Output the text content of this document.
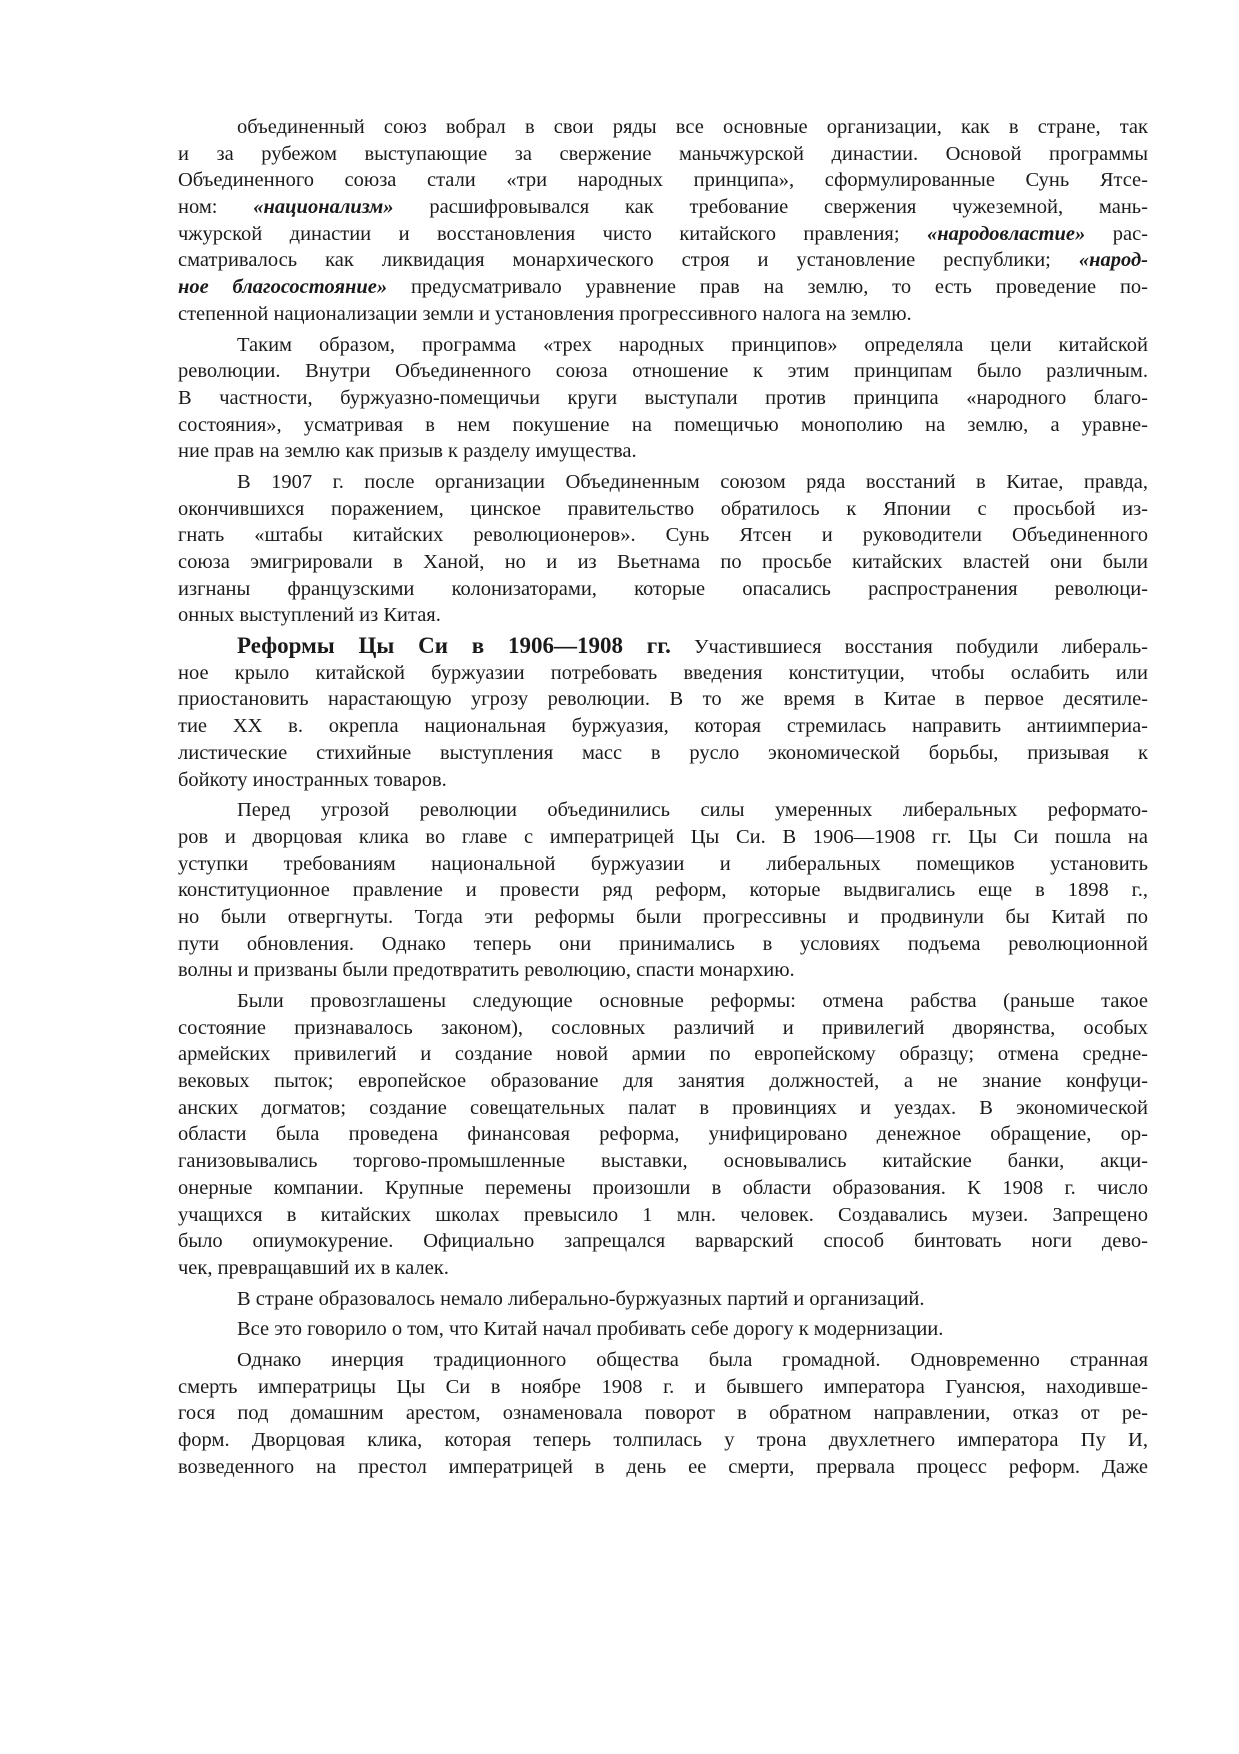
объединенный союз вобрал в свои ряды все основные организации, как в стране, так
и за рубежом выступающие за свержение маньчжурской династии. Основой программы
Объединенного союза стали «три народных принципа», сформулированные Сунь Ятсе-
ном: «национализм» расшифровывался как требование свержения чужеземной, мань-
чжурской династии и восстановления чисто китайского правления; «народовластие» рас-
сматривалось как ликвидация монархического строя и установление республики; «народ-
ное благосостояние» предусматривало уравнение прав на землю, то есть проведение по-
степенной национализации земли и установления прогрессивного налога на землю.
Таким образом, программа «трех народных принципов» определяла цели китайской
революции. Внутри Объединенного союза отношение к этим принципам было различным.
В частности, буржуазно-помещичьи круги выступали против принципа «народного благо-
состояния», усматривая в нем покушение на помещичью монополию на землю, а уравне-
ние прав на землю как призыв к разделу имущества.
В 1907 г. после организации Объединенным союзом ряда восстаний в Китае, правда,
окончившихся поражением, цинское правительство обратилось к Японии с просьбой из-
гнать «штабы китайских революционеров». Сунь Ятсен и руководители Объединенного
союза эмигрировали в Ханой, но и из Вьетнама по просьбе китайских властей они были
изгнаны французскими колонизаторами, которые опасались распространения революци-
онных выступлений из Китая.
Реформы Цы Си в 1906—1908 гг. Участившиеся восстания побудили либераль-
ное крыло китайской буржуазии потребовать введения конституции, чтобы ослабить или
приостановить нарастающую угрозу революции. В то же время в Китае в первое десятиле-
тие XX в. окрепла национальная буржуазия, которая стремилась направить антиимпериа-
листические стихийные выступления масс в русло экономической борьбы, призывая к
бойкоту иностранных товаров.
Перед угрозой революции объединились силы умеренных либеральных реформато-
ров и дворцовая клика во главе с императрицей Цы Си. В 1906—1908 гг. Цы Си пошла на
уступки требованиям национальной буржуазии и либеральных помещиков установить
конституционное правление и провести ряд реформ, которые выдвигались еще в 1898 г.,
но были отвергнуты. Тогда эти реформы были прогрессивны и продвинули бы Китай по
пути обновления. Однако теперь они принимались в условиях подъема революционной
волны и призваны были предотвратить революцию, спасти монархию.
Были провозглашены следующие основные реформы: отмена рабства (раньше такое
состояние признавалось законом), сословных различий и привилегий дворянства, особых
армейских привилегий и создание новой армии по европейскому образцу; отмена средне-
вековых пыток; европейское образование для занятия должностей, а не знание конфуци-
анских догматов; создание совещательных палат в провинциях и уездах. В экономической
области была проведена финансовая реформа, унифицировано денежное обращение, ор-
ганизовывались торгово-промышленные выставки, основывались китайские банки, акци-
онерные компании. Крупные перемены произошли в области образования. К 1908 г. число
учащихся в китайских школах превысило 1 млн. человек. Создавались музеи. Запрещено
было опиумокурение. Официально запрещался варварский способ бинтовать ноги дево-
чек, превращавший их в калек.
В стране образовалось немало либерально-буржуазных партий и организаций.
Все это говорило о том, что Китай начал пробивать себе дорогу к модернизации.
Однако инерция традиционного общества была громадной. Одновременно странная
смерть императрицы Цы Си в ноябре 1908 г. и бывшего императора Гуансюя, находивше-
гося под домашним арестом, ознаменовала поворот в обратном направлении, отказ от ре-
форм. Дворцовая клика, которая теперь толпилась у трона двухлетнего императора Пу И,
возведенного на престол императрицей в день ее смерти, прервала процесс реформ. Даже
